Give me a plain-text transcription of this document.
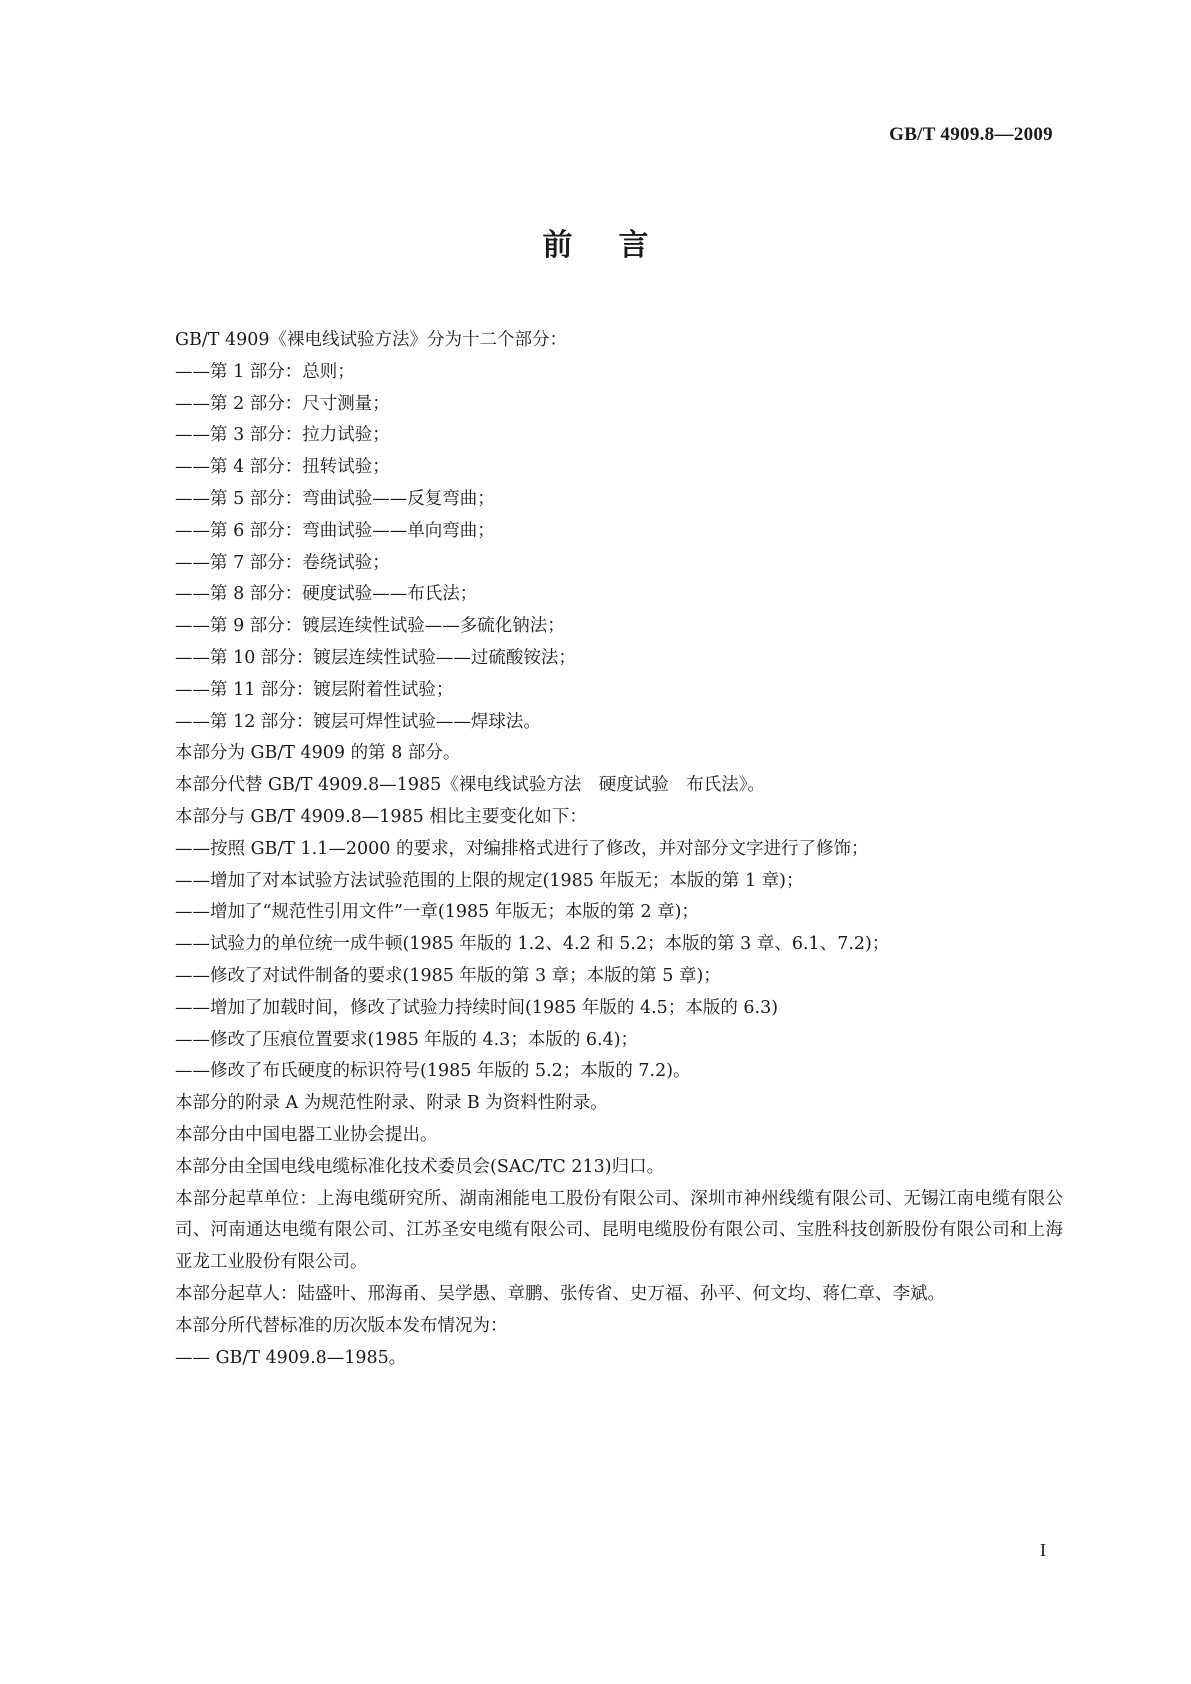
GB/T 4909.8—2009
前言

GB/T 4909《裸电线试验方法》分为十二个部分：

——第 1 部分：总则；

——第 2 部分：尺寸测量；

——第 3 部分：拉力试验；

——第 4 部分：扭转试验；

——第 5 部分：弯曲试验——反复弯曲；

——第 6 部分：弯曲试验——单向弯曲；

——第 7 部分：卷绕试验；

——第 8 部分：硬度试验——布氏法；

——第 9 部分：镀层连续性试验——多硫化钠法；

——第 10 部分：镀层连续性试验——过硫酸铵法；

——第 11 部分：镀层附着性试验；

——第 12 部分：镀层可焊性试验——焊球法。

本部分为 GB/T 4909 的第 8 部分。

本部分代替 GB/T 4909.8—1985《裸电线试验方法　硬度试验　布氏法》。

本部分与 GB/T 4909.8—1985 相比主要变化如下：

——按照 GB/T 1.1—2000 的要求，对编排格式进行了修改，并对部分文字进行了修饰；

——增加了对本试验方法试验范围的上限的规定(1985 年版无；本版的第 1 章)；

——增加了“规范性引用文件”一章(1985 年版无；本版的第 2 章)；

——试验力的单位统一成牛顿(1985 年版的 1.2、4.2 和 5.2；本版的第 3 章、6.1、7.2)；

——修改了对试件制备的要求(1985 年版的第 3 章；本版的第 5 章)；

——增加了加载时间，修改了试验力持续时间(1985 年版的 4.5；本版的 6.3)

——修改了压痕位置要求(1985 年版的 4.3；本版的 6.4)；

——修改了布氏硬度的标识符号(1985 年版的 5.2；本版的 7.2)。

本部分的附录 A 为规范性附录、附录 B 为资料性附录。

本部分由中国电器工业协会提出。

本部分由全国电线电缆标准化技术委员会(SAC/TC 213)归口。

本部分起草单位：上海电缆研究所、湖南湘能电工股份有限公司、深圳市神州线缆有限公司、无锡江南电缆有限公司、河南通达电缆有限公司、江苏圣安电缆有限公司、昆明电缆股份有限公司、宝胜科技创新股份有限公司和上海亚龙工业股份有限公司。

本部分起草人：陆盛叶、邢海甬、吴学愚、章鹏、张传省、史万福、孙平、何文均、蒋仁章、李斌。

本部分所代替标准的历次版本发布情况为：

—— GB/T 4909.8—1985。

I
